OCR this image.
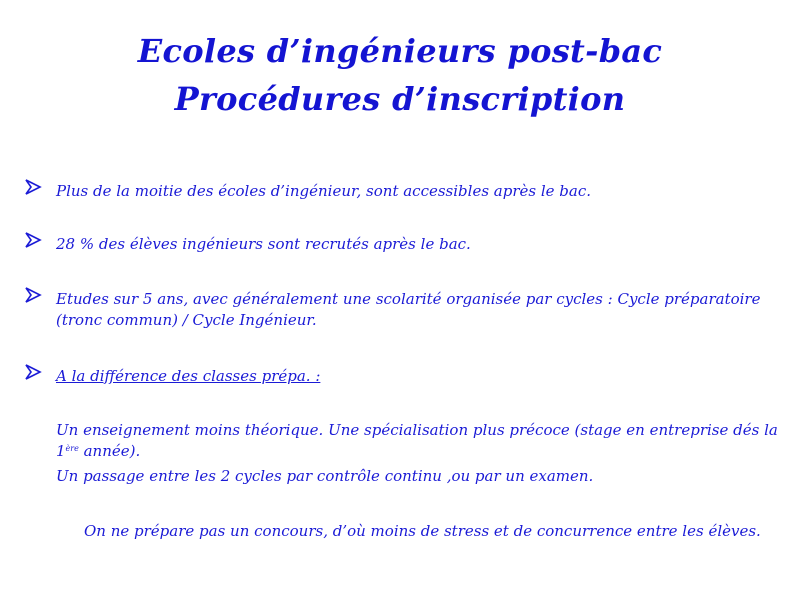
Ecoles d’ingénieurs post-bac
Procédures d’inscription
Plus de la moitie des écoles d’ingénieur, sont accessibles après le bac.
28 % des élèves ingénieurs sont recrutés après le bac.
Etudes sur 5 ans, avec généralement une scolarité organisée par cycles : Cycle préparatoire
(tronc commun) / Cycle Ingénieur.
A la différence des classes prépa. :
Un enseignement moins théorique. Une spécialisation plus précoce (stage en entreprise dés la
1ère année).
Un passage entre les 2 cycles par contrôle continu ,ou par un examen.
On ne prépare pas un concours, d’où moins de stress et de concurrence entre les élèves.
